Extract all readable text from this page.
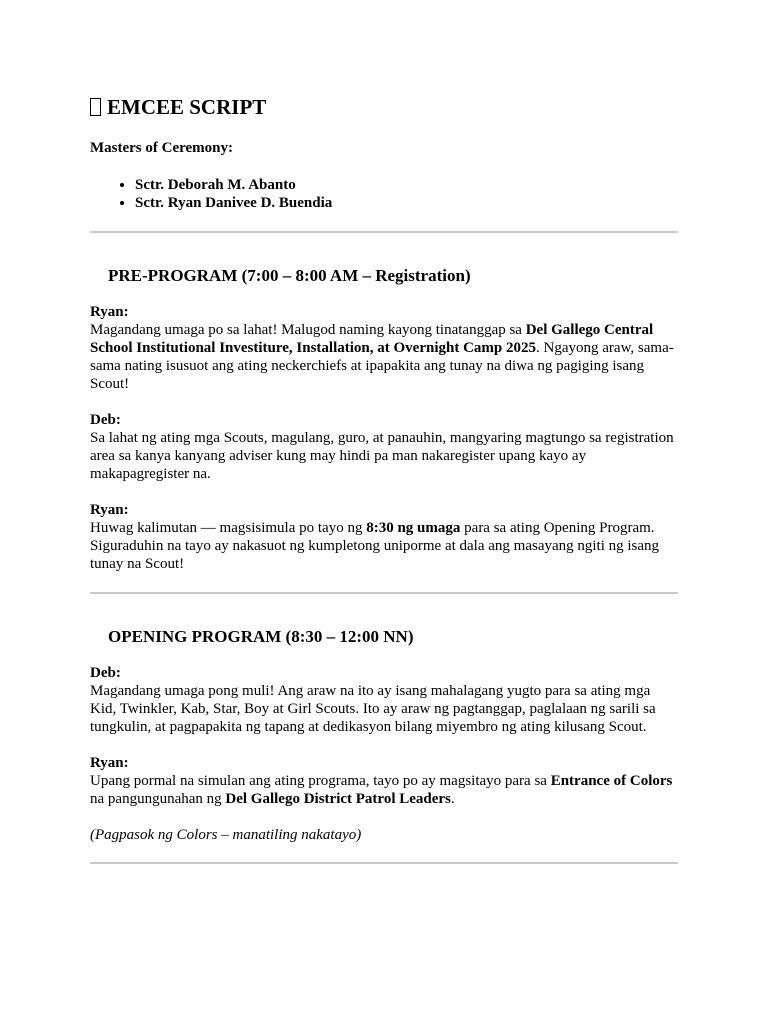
EMCEE SCRIPT
Masters of Ceremony:
• Sctr. Deborah M. Abanto
• Sctr. Ryan Danivee D. Buendia
PRE-PROGRAM (7:00 – 8:00 AM – Registration)
Ryan:

Magandang umaga po sa lahat! Malugod naming kayong tinatanggap sa Del Gallego Central School Institutional Investiture, Installation, at Overnight Camp 2025. Ngayong araw, sama-sama nating isusuot ang ating neckerchiefs at ipapakita ang tunay na diwa ng pagiging isang Scout!

Deb:

Sa lahat ng ating mga Scouts, magulang, guro, at panauhin, mangyaring magtungo sa registration area sa kanya kanyang adviser kung may hindi pa man nakaregister upang kayo ay makapagregister na.

Ryan:

Huwag kalimutan — magsisimula po tayo ng 8:30 ng umaga para sa ating Opening Program. Siguraduhin na tayo ay nakasuot ng kumpletong uniporme at dala ang masayang ngiti ng isang tunay na Scout!

OPENING PROGRAM (8:30 – 12:00 NN)
Deb:

Magandang umaga pong muli! Ang araw na ito ay isang mahalagang yugto para sa ating mga Kid, Twinkler, Kab, Star, Boy at Girl Scouts. Ito ay araw ng pagtanggap, paglalaan ng sarili sa tungkulin, at pagpapakita ng tapang at dedikasyon bilang miyembro ng ating kilusang Scout.

Ryan:

Upang pormal na simulan ang ating programa, tayo po ay magsitayo para sa Entrance of Colors na pangungunahan ng Del Gallego District Patrol Leaders.

(Pagpasok ng Colors – manatiling nakatayo)
